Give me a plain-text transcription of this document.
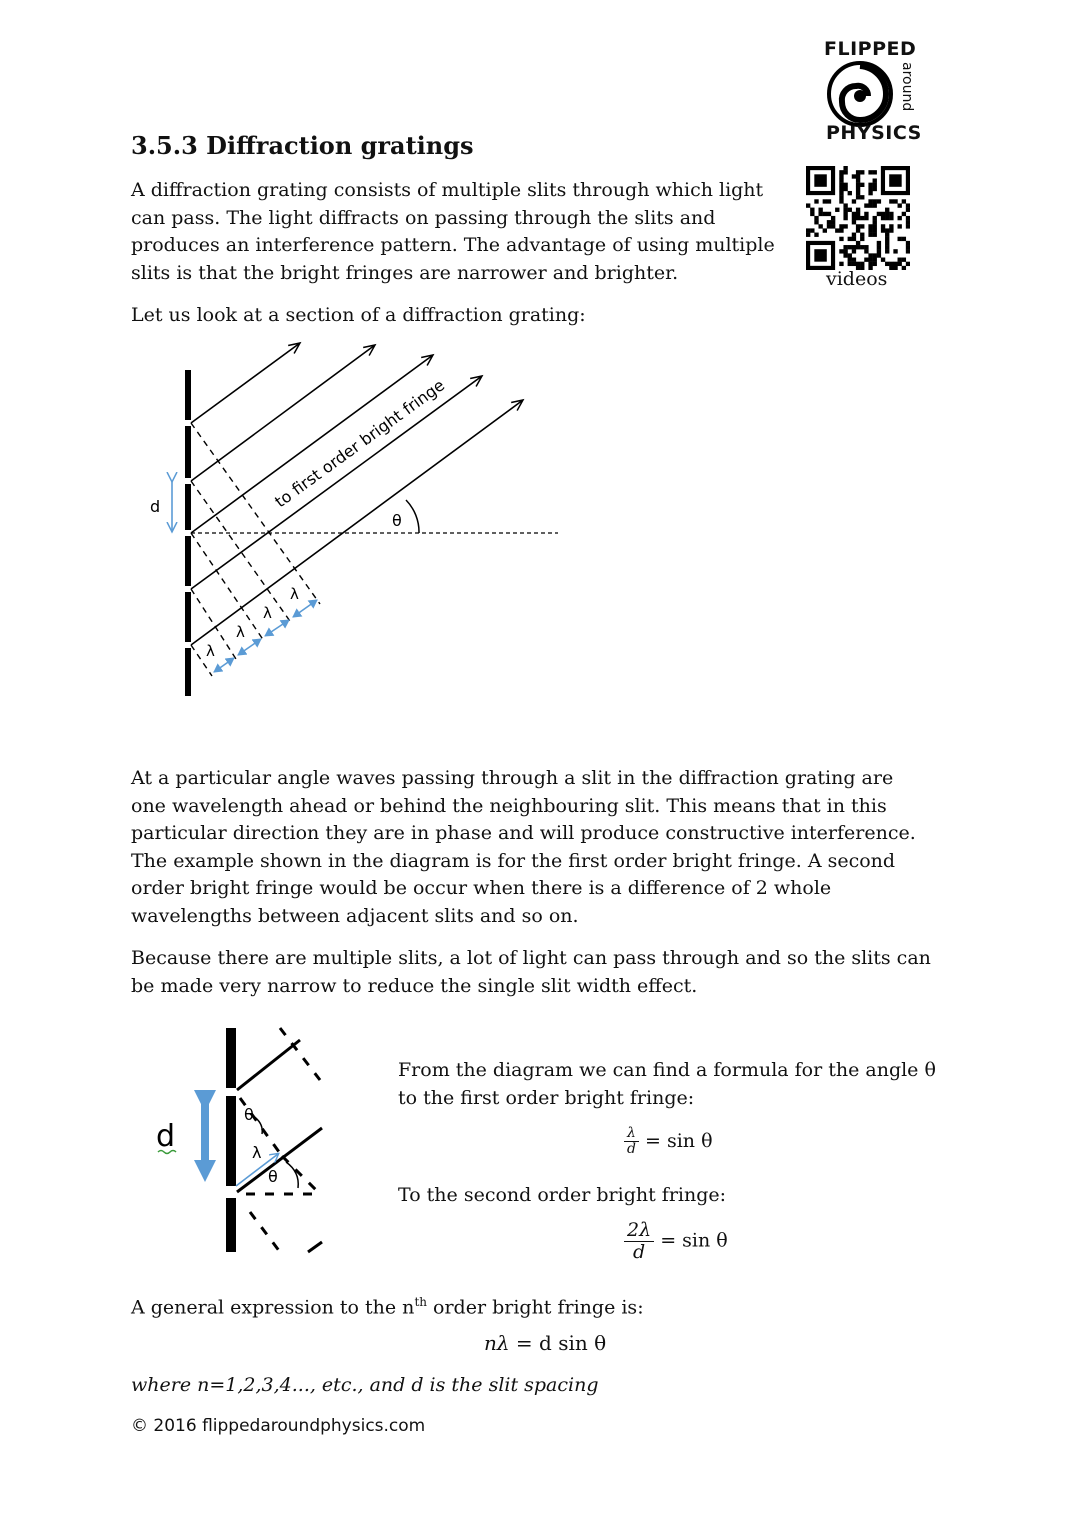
FLIPPED
around
PHYSICS
videos
3.5.3 Diffraction gratings

A diffraction grating consists of multiple slits through which light can pass. The light diffracts on passing through the slits and produces an interference pattern. The advantage of using multiple slits is that the bright fringes are narrower and brighter.

Let us look at a section of a diffraction grating:

θ
d	to first order bright fringe
λ
λ
λ
λ

At a particular angle waves passing through a slit in the diffraction grating are one wavelength ahead or behind the neighbouring slit. This means that in this particular direction they are in phase and will produce constructive interference. The example shown in the diagram is for the first order bright fringe. A second order bright fringe would be occur when there is a difference of 2 whole wavelengths between adjacent slits and so on.

Because there are multiple slits, a lot of light can pass through and so the slits can be made very narrow to reduce the single slit width effect.

d
θ
θ
λ

From the diagram we can find a formula for the angle θ to the first order bright fringe:

$\frac{\lambda}{d} = \sin \theta$

To the second order bright fringe:

$\frac{2\lambda}{d} = \sin \theta$

A general expression to the $n^{th}$ order bright fringe is:

nλ = d sin θ

where n=1,2,3,4..., etc., and d is the slit spacing

© 2016 flippedaroundphysics.com
